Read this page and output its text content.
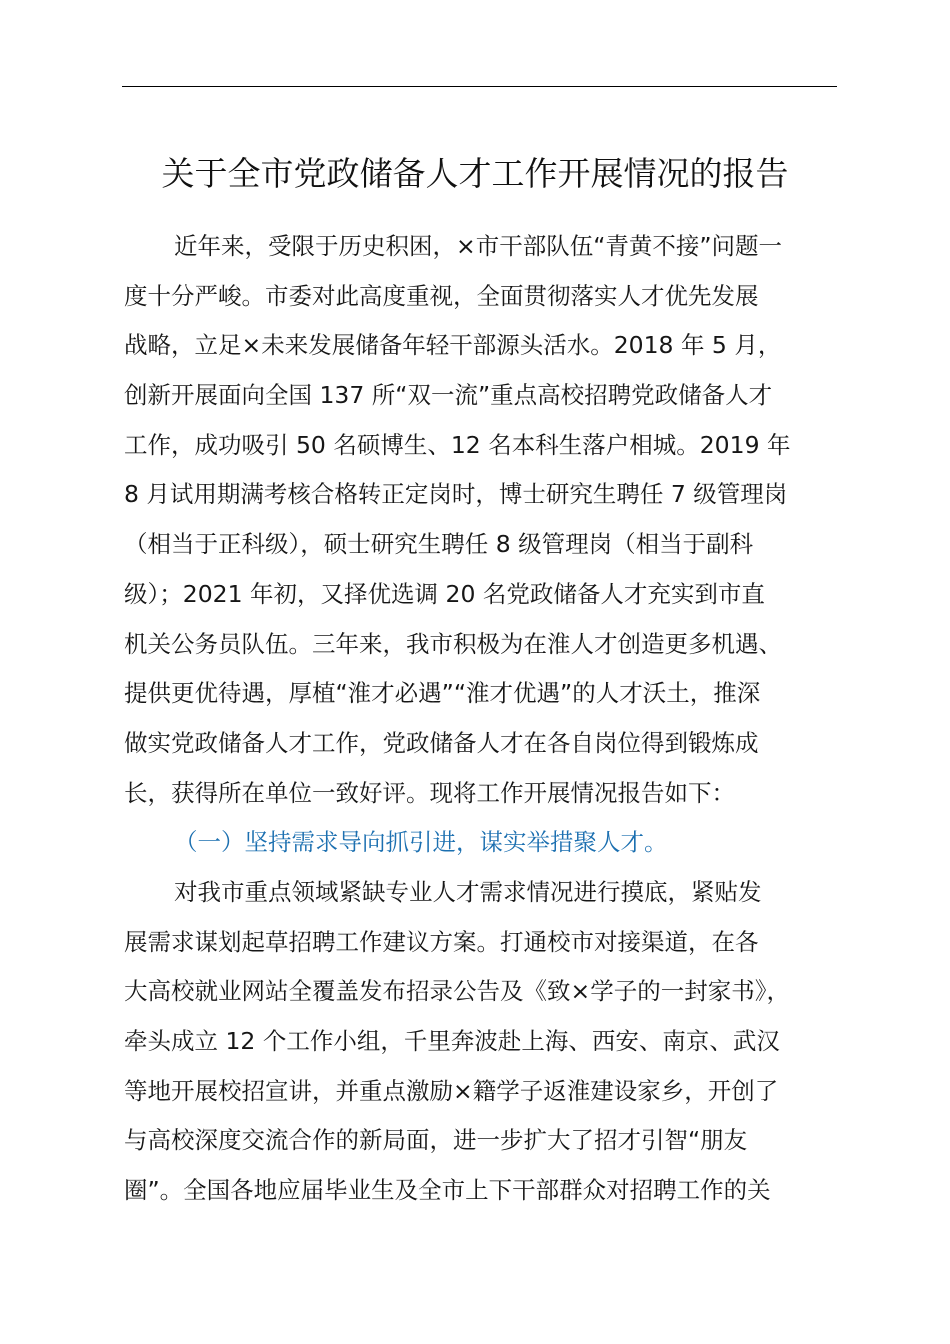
关于全市党政储备人才工作开展情况的报告
近年来，受限于历史积困，×市干部队伍“青黄不接”问题一
度十分严峻。市委对此高度重视，全面贯彻落实人才优先发展
战略，立足×未来发展储备年轻干部源头活水。2018 年 5 月，
创新开展面向全国 137 所“双一流”重点高校招聘党政储备人才
工作，成功吸引 50 名硕博生、12 名本科生落户相城。2019 年
8 月试用期满考核合格转正定岗时，博士研究生聘任 7 级管理岗
（相当于正科级），硕士研究生聘任 8 级管理岗（相当于副科
级）；2021 年初，又择优选调 20 名党政储备人才充实到市直
机关公务员队伍。三年来，我市积极为在淮人才创造更多机遇、
提供更优待遇，厚植“淮才必遇”“淮才优遇”的人才沃土，推深
做实党政储备人才工作，党政储备人才在各自岗位得到锻炼成
长，获得所在单位一致好评。现将工作开展情况报告如下：
（一）坚持需求导向抓引进，谋实举措聚人才。
对我市重点领域紧缺专业人才需求情况进行摸底，紧贴发
展需求谋划起草招聘工作建议方案。打通校市对接渠道，在各
大高校就业网站全覆盖发布招录公告及《致×学子的一封家书》，
牵头成立 12 个工作小组，千里奔波赴上海、西安、南京、武汉
等地开展校招宣讲，并重点激励×籍学子返淮建设家乡，开创了
与高校深度交流合作的新局面，进一步扩大了招才引智“朋友
圈”。全国各地应届毕业生及全市上下干部群众对招聘工作的关
